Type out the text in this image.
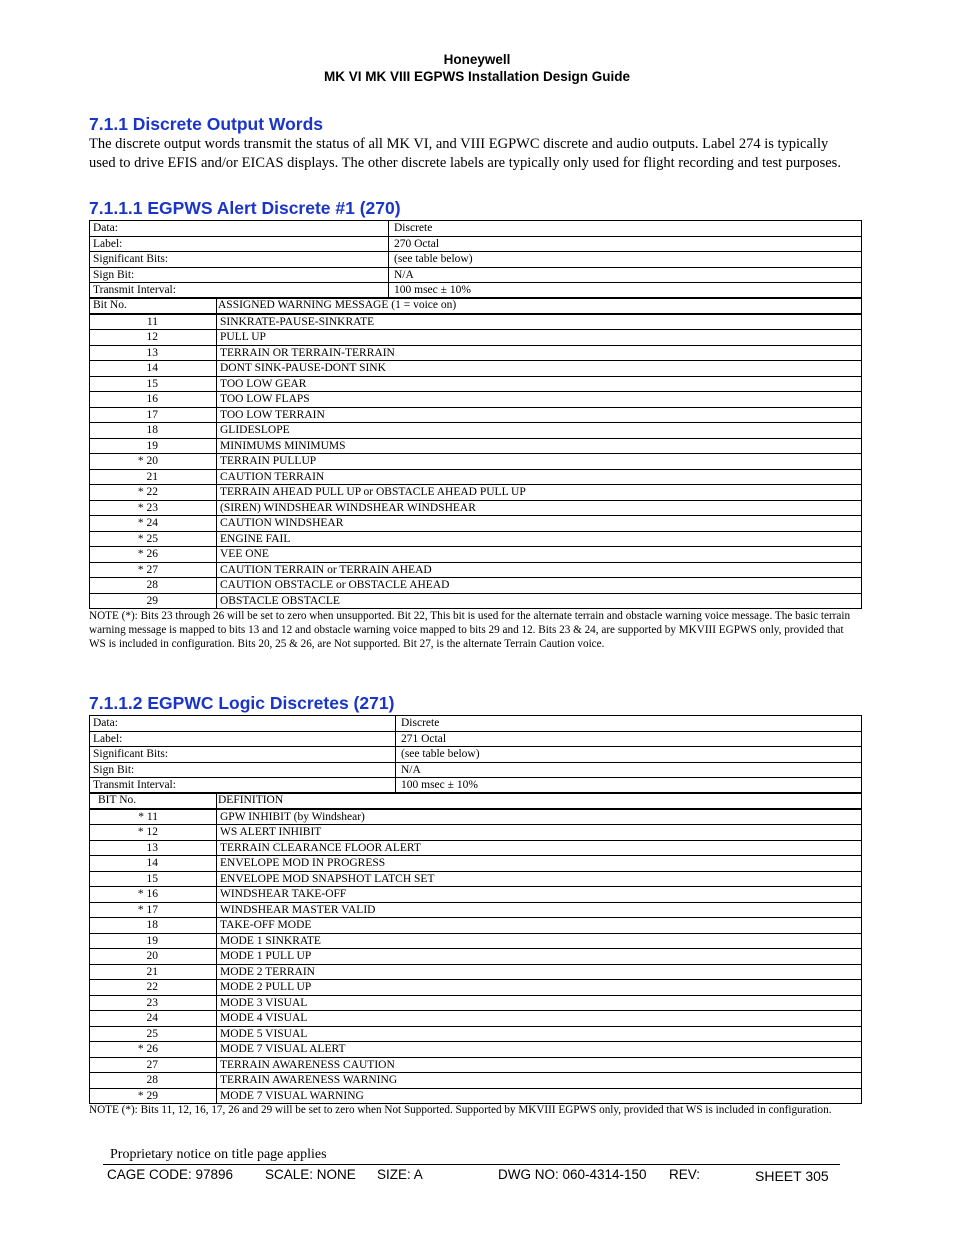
Honeywell
MK VI MK VIII EGPWS Installation Design Guide
7.1.1 Discrete Output Words

The discrete output words transmit the status of all MK VI, and VIII EGPWC discrete and audio outputs. Label 274 is typically used to drive EFIS and/or EICAS displays. The other discrete labels are typically only used for flight recording and test purposes.

7.1.1.1 EGPWS Alert Discrete #1 (270)
Data:	Discrete
Label:	270 Octal
Significant Bits:	(see table below)
Sign Bit:	N/A
Transmit Interval:	100 msec ± 10%
Bit No.	ASSIGNED WARNING MESSAGE (1 = voice on)
11	SINKRATE-PAUSE-SINKRATE
12	PULL UP
13	TERRAIN OR TERRAIN-TERRAIN
14	DONT SINK-PAUSE-DONT SINK
15	TOO LOW GEAR
16	TOO LOW FLAPS
17	TOO LOW TERRAIN
18	GLIDESLOPE
19	MINIMUMS MINIMUMS
* 20	TERRAIN PULLUP
21	CAUTION TERRAIN
* 22	TERRAIN AHEAD PULL UP or OBSTACLE AHEAD PULL UP
* 23	(SIREN) WINDSHEAR WINDSHEAR WINDSHEAR
* 24	CAUTION WINDSHEAR
* 25	ENGINE FAIL
* 26	VEE ONE
* 27	CAUTION TERRAIN or TERRAIN AHEAD
28	CAUTION OBSTACLE or OBSTACLE AHEAD
29	OBSTACLE OBSTACLE

NOTE (*): Bits 23 through 26 will be set to zero when unsupported. Bit 22, This bit is used for the alternate terrain and obstacle warning voice message. The basic terrain warning message is mapped to bits 13 and 12 and obstacle warning voice mapped to bits 29 and 12. Bits 23 & 24, are supported by MKVIII EGPWS only, provided that WS is included in configuration. Bits 20, 25 & 26, are Not supported. Bit 27, is the alternate Terrain Caution voice.

7.1.1.2 EGPWC Logic Discretes (271)
Data:	Discrete
Label:	271 Octal
Significant Bits:	(see table below)
Sign Bit:	N/A
Transmit Interval:	100 msec ± 10%
BIT No.	DEFINITION
* 11	GPW INHIBIT (by Windshear)
* 12	WS ALERT INHIBIT
13	TERRAIN CLEARANCE FLOOR ALERT
14	ENVELOPE MOD IN PROGRESS
15	ENVELOPE MOD SNAPSHOT LATCH SET
* 16	WINDSHEAR TAKE-OFF
* 17	WINDSHEAR MASTER VALID
18	TAKE-OFF MODE
19	MODE 1 SINKRATE
20	MODE 1 PULL UP
21	MODE 2 TERRAIN
22	MODE 2 PULL UP
23	MODE 3 VISUAL
24	MODE 4 VISUAL
25	MODE 5 VISUAL
* 26	MODE 7 VISUAL ALERT
27	TERRAIN AWARENESS CAUTION
28	TERRAIN AWARENESS WARNING
* 29	MODE 7 VISUAL WARNING

NOTE (*): Bits 11, 12, 16, 17, 26 and 29 will be set to zero when Not Supported. Supported by MKVIII EGPWS only, provided that WS is included in configuration.

Proprietary notice on title page applies
CAGE CODE: 97896 SCALE: NONE SIZE: A	DWG NO: 060-4314-150 REV:	SHEET 305
